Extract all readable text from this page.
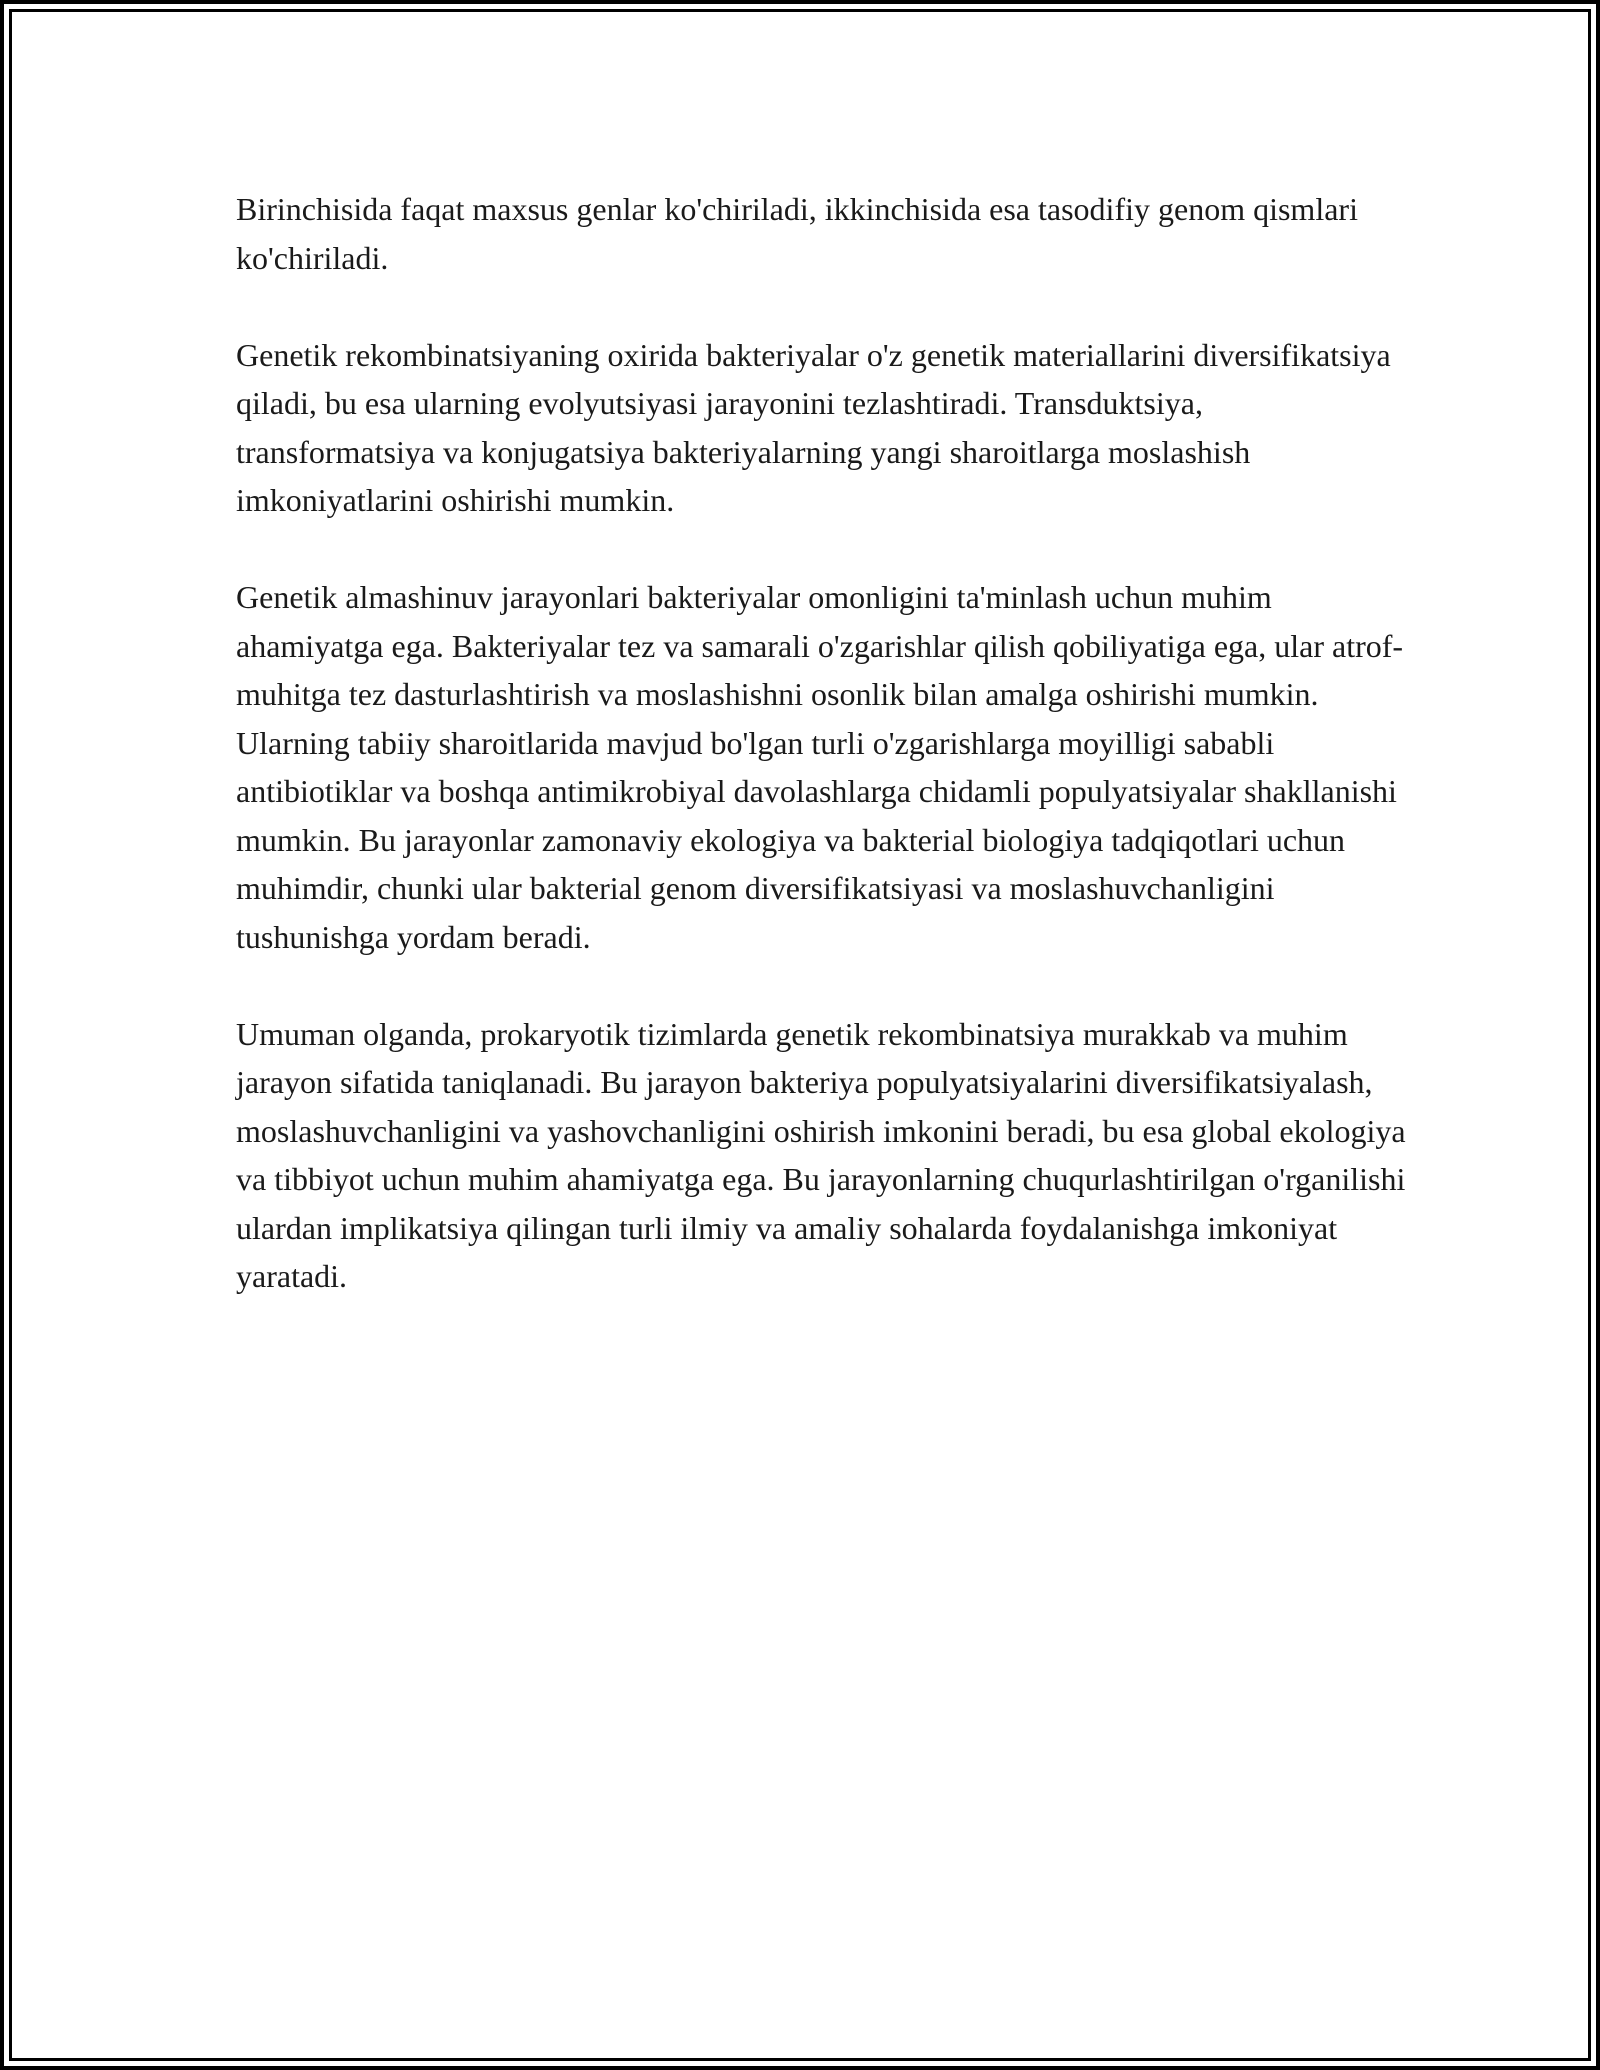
Birinchisida faqat maxsus genlar ko'chiriladi, ikkinchisida esa tasodifiy genom qismlari ko'chiriladi.

Genetik rekombinatsiyaning oxirida bakteriyalar o'z genetik materiallarini diversifikatsiya qiladi, bu esa ularning evolyutsiyasi jarayonini tezlashtiradi. Transduktsiya, transformatsiya va konjugatsiya bakteriyalarning yangi sharoitlarga moslashish imkoniyatlarini oshirishi mumkin.

Genetik almashinuv jarayonlari bakteriyalar omonligini ta'minlash uchun muhim ahamiyatga ega. Bakteriyalar tez va samarali o'zgarishlar qilish qobiliyatiga ega, ular atrof-muhitga tez dasturlashtirish va moslashishni osonlik bilan amalga oshirishi mumkin. Ularning tabiiy sharoitlarida mavjud bo'lgan turli o'zgarishlarga moyilligi sababli antibiotiklar va boshqa antimikrobiyal davolashlarga chidamli populyatsiyalar shakllanishi mumkin. Bu jarayonlar zamonaviy ekologiya va bakterial biologiya tadqiqotlari uchun muhimdir, chunki ular bakterial genom diversifikatsiyasi va moslashuvchanligini tushunishga yordam beradi.

Umuman olganda, prokaryotik tizimlarda genetik rekombinatsiya murakkab va muhim jarayon sifatida taniqlanadi. Bu jarayon bakteriya populyatsiyalarini diversifikatsiyalash, moslashuvchanligini va yashovchanligini oshirish imkonini beradi, bu esa global ekologiya va tibbiyot uchun muhim ahamiyatga ega. Bu jarayonlarning chuqurlashtirilgan o'rganilishi ulardan implikatsiya qilingan turli ilmiy va amaliy sohalarda foydalanishga imkoniyat yaratadi.
